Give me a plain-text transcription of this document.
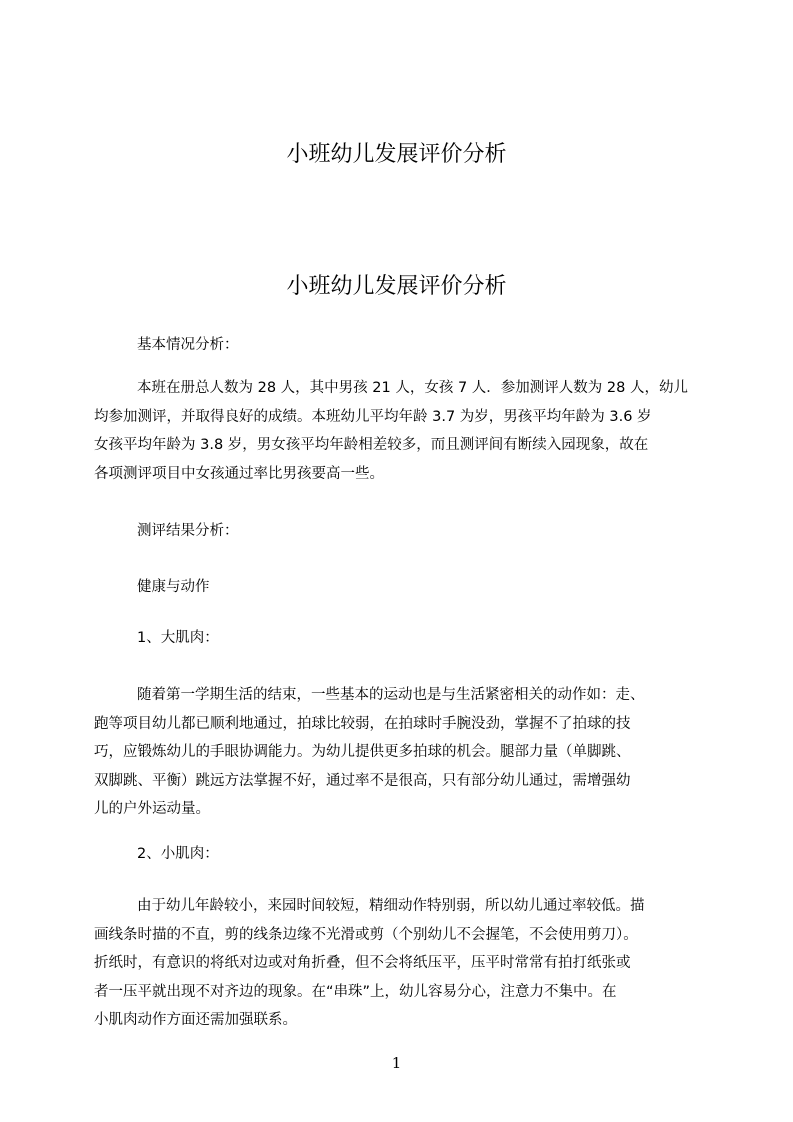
小班幼儿发展评价分析
小班幼儿发展评价分析
基本情况分析：
本班在册总人数为 28 人，其中男孩 21 人，女孩 7 人．参加测评人数为 28 人，幼儿
均参加测评，并取得良好的成绩。本班幼儿平均年龄 3.7 为岁，男孩平均年龄为 3.6 岁
女孩平均年龄为 3.8 岁，男女孩平均年龄相差较多，而且测评间有断续入园现象，故在
各项测评项目中女孩通过率比男孩要高一些。
测评结果分析：
健康与动作
1、大肌肉：
随着第一学期生活的结束，一些基本的运动也是与生活紧密相关的动作如：走、
跑等项目幼儿都已顺利地通过，拍球比较弱，在拍球时手腕没劲，掌握不了拍球的技
巧，应锻炼幼儿的手眼协调能力。为幼儿提供更多拍球的机会。腿部力量（单脚跳、
双脚跳、平衡）跳远方法掌握不好，通过率不是很高，只有部分幼儿通过，需增强幼
儿的户外运动量。
2、小肌肉：
由于幼儿年龄较小，来园时间较短，精细动作特别弱，所以幼儿通过率较低。描
画线条时描的不直，剪的线条边缘不光滑或剪（个别幼儿不会握笔，不会使用剪刀）。
折纸时，有意识的将纸对边或对角折叠，但不会将纸压平，压平时常常有拍打纸张或
者一压平就出现不对齐边的现象。在“串珠”上，幼儿容易分心，注意力不集中。在
小肌肉动作方面还需加强联系。
1
